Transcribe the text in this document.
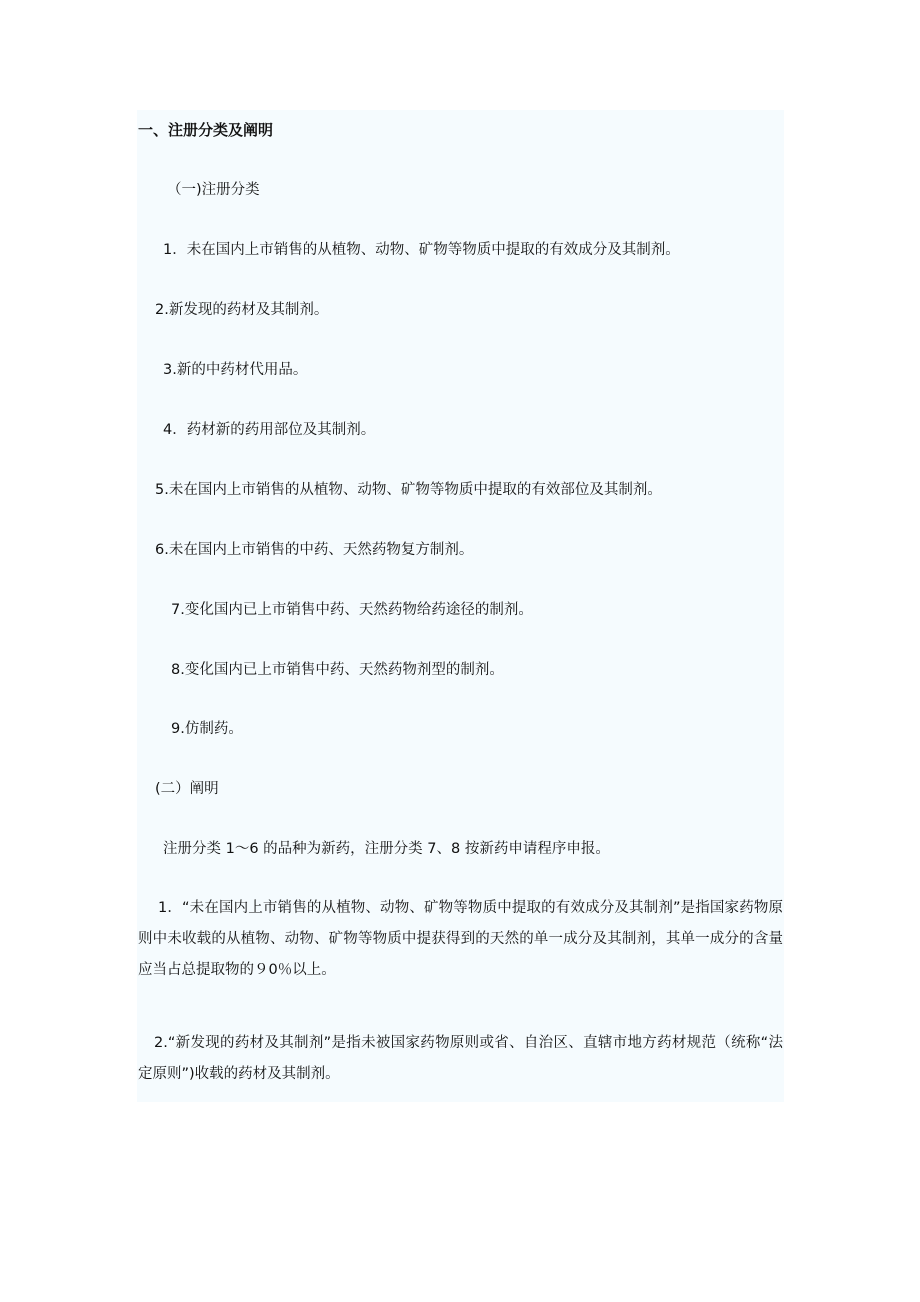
一、注册分类及阐明

（一)注册分类

1．未在国内上市销售的从植物、动物、矿物等物质中提取的有效成分及其制剂。

2.新发现的药材及其制剂。

3.新的中药材代用品。

4．药材新的药用部位及其制剂。

5.未在国内上市销售的从植物、动物、矿物等物质中提取的有效部位及其制剂。

6.未在国内上市销售的中药、天然药物复方制剂。

7.变化国内已上市销售中药、天然药物给药途径的制剂。

8.变化国内已上市销售中药、天然药物剂型的制剂。

9.仿制药。

(二）阐明

注册分类 1～6 的品种为新药，注册分类 7、8 按新药申请程序申报。

1．“未在国内上市销售的从植物、动物、矿物等物质中提取的有效成分及其制剂”是指国家药物原则中未收载的从植物、动物、矿物等物质中提获得到的天然的单一成分及其制剂，其单一成分的含量应当占总提取物的９0％以上。

2.“新发现的药材及其制剂”是指未被国家药物原则或省、自治区、直辖市地方药材规范（统称“法定原则”)收载的药材及其制剂。
